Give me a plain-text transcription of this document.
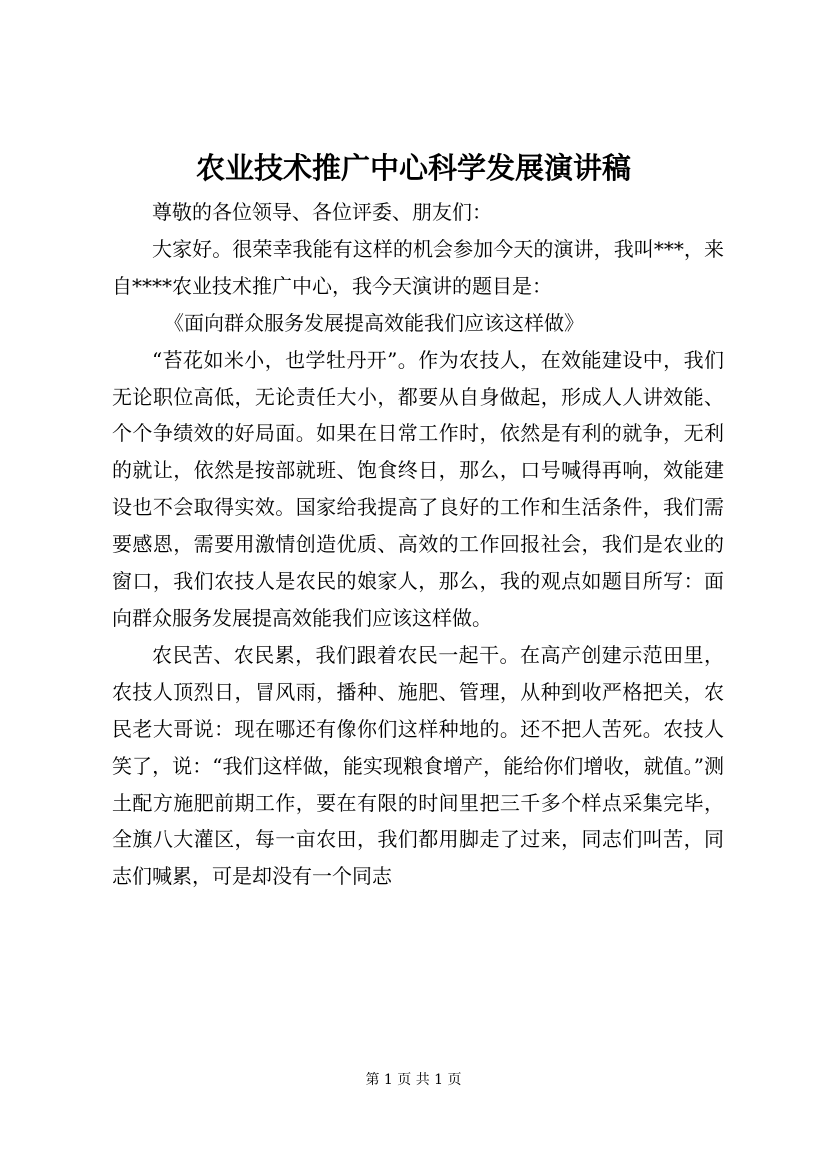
农业技术推广中心科学发展演讲稿

尊敬的各位领导、各位评委、朋友们：

大家好。很荣幸我能有这样的机会参加今天的演讲，我叫***，来自****农业技术推广中心，我今天演讲的题目是：

《面向群众服务发展提高效能我们应该这样做》

“苔花如米小，也学牡丹开”。作为农技人，在效能建设中，我们无论职位高低，无论责任大小，都要从自身做起，形成人人讲效能、个个争绩效的好局面。如果在日常工作时，依然是有利的就争，无利的就让，依然是按部就班、饱食终日，那么，口号喊得再响，效能建设也不会取得实效。国家给我提高了良好的工作和生活条件，我们需要感恩，需要用激情创造优质、高效的工作回报社会，我们是农业的窗口，我们农技人是农民的娘家人，那么，我的观点如题目所写：面向群众服务发展提高效能我们应该这样做。

农民苦、农民累，我们跟着农民一起干。在高产创建示范田里，农技人顶烈日，冒风雨，播种、施肥、管理，从种到收严格把关，农民老大哥说：现在哪还有像你们这样种地的。还不把人苦死。农技人笑了，说：“我们这样做，能实现粮食增产，能给你们增收，就值。”测土配方施肥前期工作，要在有限的时间里把三千多个样点采集完毕，全旗八大灌区，每一亩农田，我们都用脚走了过来，同志们叫苦，同志们喊累，可是却没有一个同志

第 1 页 共 1 页
